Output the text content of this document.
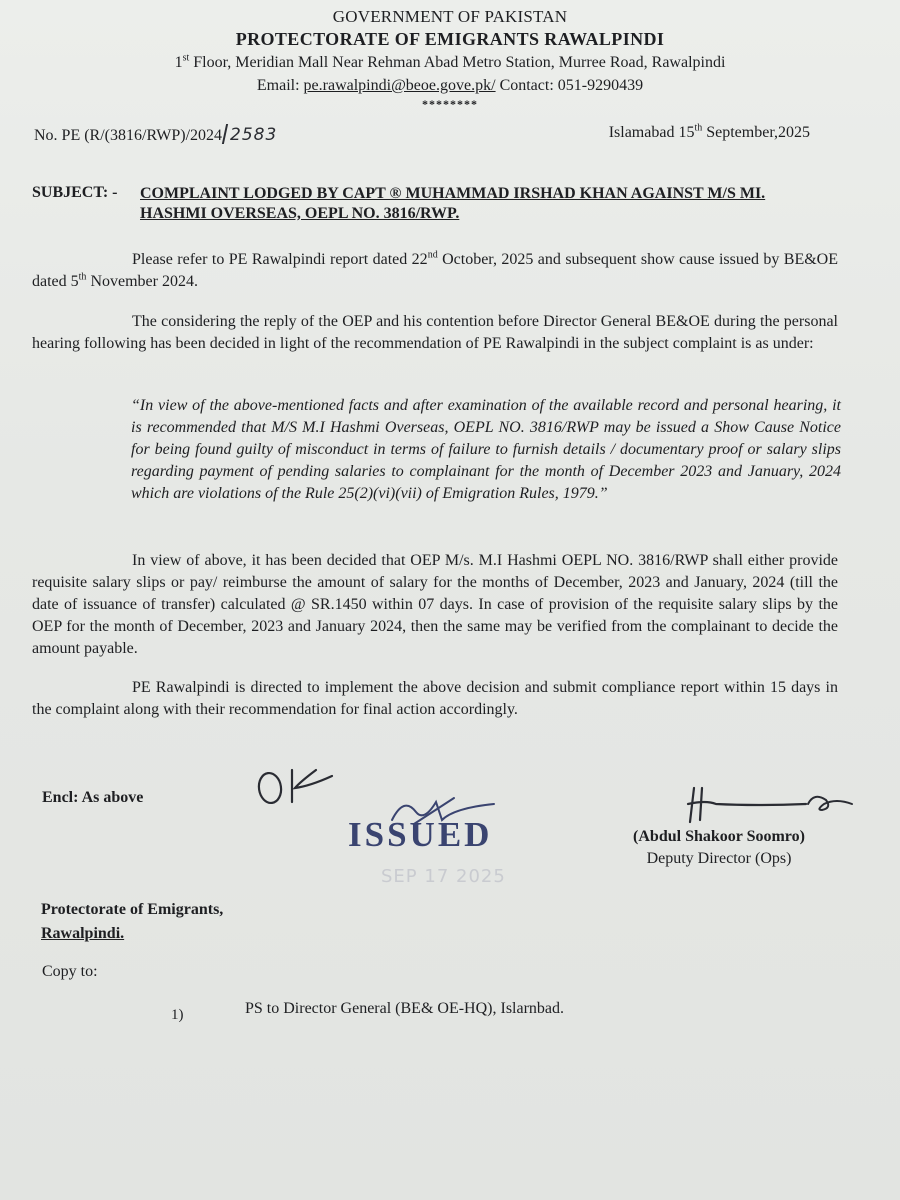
GOVERNMENT OF PAKISTAN
PROTECTORATE OF EMIGRANTS RAWALPINDI
1st Floor, Meridian Mall Near Rehman Abad Metro Station, Murree Road, Rawalpindi
Email: pe.rawalpindi@beoe.gove.pk/ Contact: 051-9290439
********
No. PE (R/(3816/RWP)/2024 2583	Islamabad 15th September,2025
SUBJECT: - COMPLAINT LODGED BY CAPT ® MUHAMMAD IRSHAD KHAN AGAINST M/S MI. HASHMI OVERSEAS, OEPL NO. 3816/RWP.
Please refer to PE Rawalpindi report dated 22nd October, 2025 and subsequent show cause issued by BE&OE dated 5th November 2024.
The considering the reply of the OEP and his contention before Director General BE&OE during the personal hearing following has been decided in light of the recommendation of PE Rawalpindi in the subject complaint is as under:
“In view of the above-mentioned facts and after examination of the available record and personal hearing, it is recommended that M/S M.I Hashmi Overseas, OEPL NO. 3816/RWP may be issued a Show Cause Notice for being found guilty of misconduct in terms of failure to furnish details / documentary proof or salary slips regarding payment of pending salaries to complainant for the month of December 2023 and January, 2024 which are violations of the Rule 25(2)(vi)(vii) of Emigration Rules, 1979.”
In view of above, it has been decided that OEP M/s. M.I Hashmi OEPL NO. 3816/RWP shall either provide requisite salary slips or pay/ reimburse the amount of salary for the months of December, 2023 and January, 2024 (till the date of issuance of transfer) calculated @ SR.1450 within 07 days. In case of provision of the requisite salary slips by the OEP for the month of December, 2023 and January 2024, then the same may be verified from the complainant to decide the amount payable.
PE Rawalpindi is directed to implement the above decision and submit compliance report within 15 days in the complaint along with their recommendation for final action accordingly.
Encl: As above
ISSUED
SEP 17 2025
(Abdul Shakoor Soomro)
Deputy Director (Ops)
Protectorate of Emigrants,
Rawalpindi.
Copy to:
1)	PS to Director General (BE& OE-HQ), Islarnbad.
